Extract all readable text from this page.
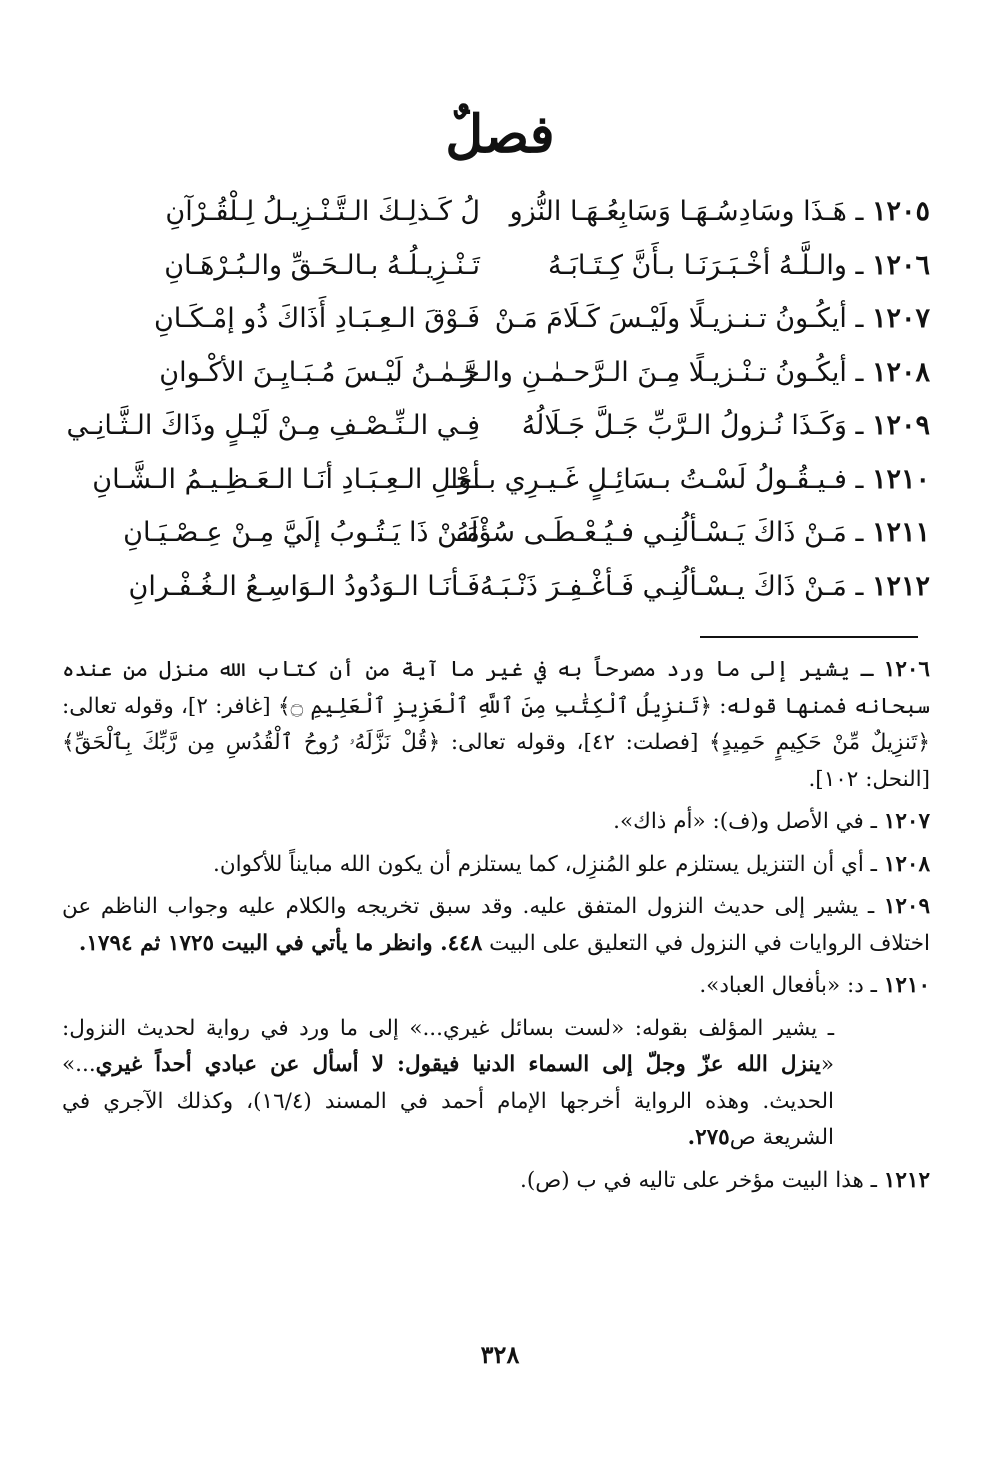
فصلٌ
١٢٠٥ ـ هَـذَا وسَادِسُـهَـا وَسَابِعُـهَـا النُّزو
لُ كَـذلِـكَ الـتَّـنْـزِيـلُ لِـلْقُـرْآنِ
١٢٠٦ ـ والـلَّـهُ أخْـبَـرَنَـا بـأَنَّ كِـتَـابَـهُ
تَـنْـزِيـلُـهُ بـالـحَـقِّ والـبُـرْهَـانِ
١٢٠٧ ـ أيكُـونُ تـنـزيـلًا ولَيْـسَ كَـلَامَ مَـنْ
فَـوْقَ الـعِـبَـادِ أَذَاكَ ذُو إمْـكَـانِ
١٢٠٨ ـ أيكُـونُ تـنْـزيـلًا مِـنَ الـرَّحـمٰـنِ والـرَّ
حـمٰـنُ لَيْـسَ مُـبَـايِـنَ الأكْـوانِ
١٢٠٩ ـ وَكَـذَا نُـزولُ الـرَّبِّ جَـلَّ جَـلَالُهُ
فِـي الـنِّـصْـفِ مِـنْ لَيْـلٍ وذَاكَ الـثَّـانِـي
١٢١٠ ـ فـيـقُـولُ لَسْـتُ بـسَائِـلٍ غَـيـرِي بـأحْـ
ـوَالِ الـعِـبَـادِ أنَـا الـعَـظِـيـمُ الـشَّـانِ
١٢١١ ـ مَـنْ ذَاكَ يَـسْـألُنِـي فـيُـعْـطَـى سُؤْلَهُ
مَـنْ ذَا يَـتُـوبُ إلَيَّ مِـنْ عِـصْـيَـانِ
١٢١٢ ـ مَـنْ ذَاكَ يـسْـألُنِـي فَـأغْـفِـرَ ذَنْـبَـهُ
فَـأنَـا الـوَدُودُ الـوَاسِـعُ الـغُـفْـرانِ

١٢٠٦ ـ يشير إلى ما ورد مصرحاً به في غير ما آية من أن كتاب الله منزل من عنده سبحانه فمنها قوله: ﴿تَنزِيلُ ٱلْكِتَٰبِ مِنَ ٱللَّهِ ٱلْعَزِيزِ ٱلْعَلِيمِ ۝﴾ [غافر: ٢]، وقوله تعالى: ﴿تَنزِيلٌ مِّنْ حَكِيمٍ حَمِيدٍ﴾ [فصلت: ٤٢]، وقوله تعالى: ﴿قُلْ نَزَّلَهُۥ رُوحُ ٱلْقُدُسِ مِن رَّبِّكَ بِٱلْحَقِّ﴾ [النحل: ١٠٢].

١٢٠٧ ـ في الأصل و(ف): «أم ذاك».

١٢٠٨ ـ أي أن التنزيل يستلزم علو المُنزِل، كما يستلزم أن يكون الله مبايناً للأكوان.

١٢٠٩ ـ يشير إلى حديث النزول المتفق عليه. وقد سبق تخريجه والكلام عليه وجواب الناظم عن اختلاف الروايات في النزول في التعليق على البيت ٤٤٨. وانظر ما يأتي في البيت ١٧٢٥ ثم ١٧٩٤.

١٢١٠ ـ د: «بأفعال العباد».

ـ يشير المؤلف بقوله: «لست بسائل غيري...» إلى ما ورد في رواية لحديث النزول: «ينزل الله عزّ وجلّ إلى السماء الدنيا فيقول: لا أسأل عن عبادي أحداً غيري...» الحديث. وهذه الرواية أخرجها الإمام أحمد في المسند (١٦/٤)، وكذلك الآجري في الشريعة ص٢٧٥.

١٢١٢ ـ هذا البيت مؤخر على تاليه في ب (ص).

٣٢٨
